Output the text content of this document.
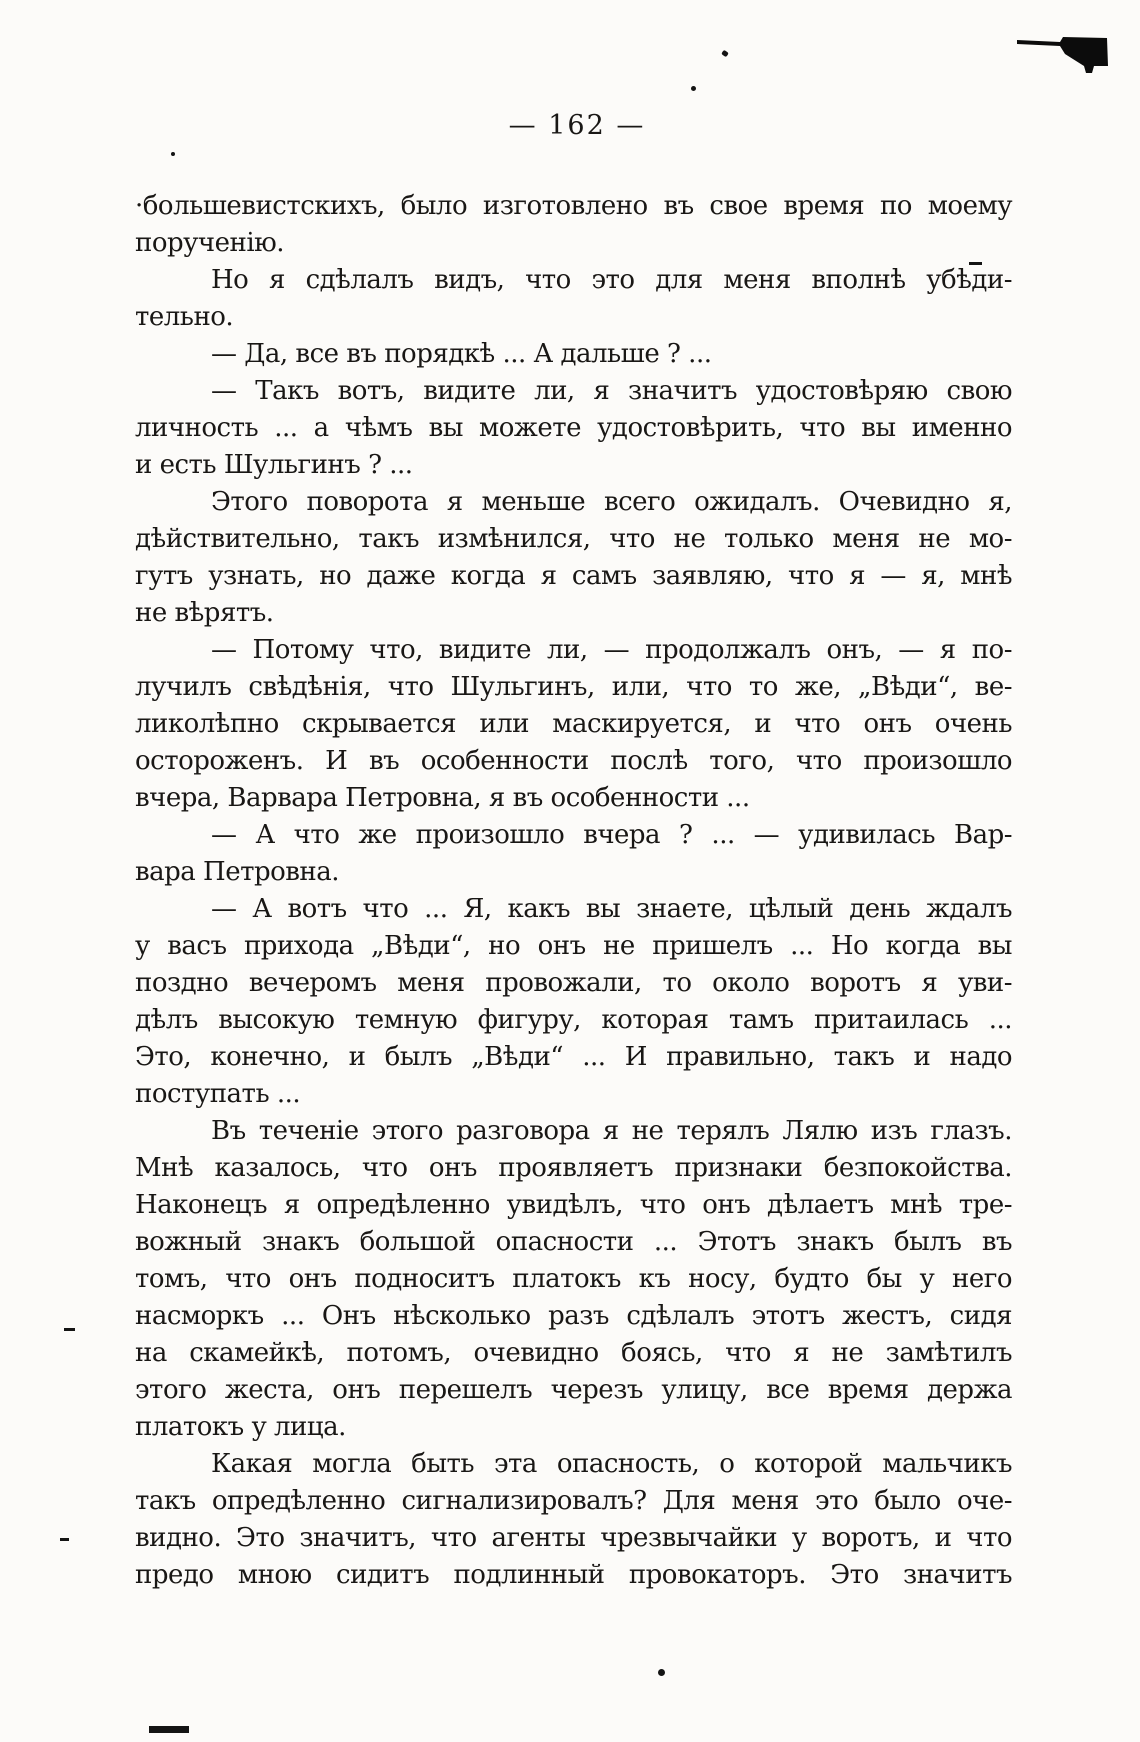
— 162 —
·большевистскихъ, было изготовлено въ свое время по моему
порученію.
Но я сдѣлалъ видъ, что это для меня вполнѣ убѣди-
тельно.
— Да, все въ порядкѣ ... А дальше ? ...
— Такъ вотъ, видите ли, я значитъ удостовѣряю свою
личность ... а чѣмъ вы можете удостовѣрить, что вы именно
и есть Шульгинъ ? ...
Этого поворота я меньше всего ожидалъ. Очевидно я,
дѣйствительно, такъ измѣнился, что не только меня не мо-
гутъ узнать, но даже когда я самъ заявляю, что я — я, мнѣ
не вѣрятъ.
— Потому что, видите ли, — продолжалъ онъ, — я по-
лучилъ свѣдѣнія, что Шульгинъ, или, что то же, „Вѣди“, ве-
ликолѣпно скрывается или маскируется, и что онъ очень
остороженъ. И въ особенности послѣ того, что произошло
вчера, Варвара Петровна, я въ особенности ...
— А что же произошло вчера ? ... — удивилась Вар-
вара Петровна.
— А вотъ что ... Я, какъ вы знаете, цѣлый день ждалъ
у васъ прихода „Вѣди“, но онъ не пришелъ ... Но когда вы
поздно вечеромъ меня провожали, то около воротъ я уви-
дѣлъ высокую темную фигуру, которая тамъ притаилась ...
Это, конечно, и былъ „Вѣди“ ... И правильно, такъ и надо
поступать ...
Въ теченіе этого разговора я не терялъ Лялю изъ глазъ.
Мнѣ казалось, что онъ проявляетъ признаки безпокойства.
Наконецъ я опредѣленно увидѣлъ, что онъ дѣлаетъ мнѣ тре-
вожный знакъ большой опасности ... Этотъ знакъ былъ въ
томъ, что онъ подноситъ платокъ къ носу, будто бы у него
насморкъ ... Онъ нѣсколько разъ сдѣлалъ этотъ жестъ, сидя
на скамейкѣ, потомъ, очевидно боясь, что я не замѣтилъ
этого жеста, онъ перешелъ черезъ улицу, все время держа
платокъ у лица.
Какая могла быть эта опасность, о которой мальчикъ
такъ опредѣленно сигнализировалъ? Для меня это было оче-
видно. Это значитъ, что агенты чрезвычайки у воротъ, и что
предо мною сидитъ подлинный провокаторъ. Это значитъ
